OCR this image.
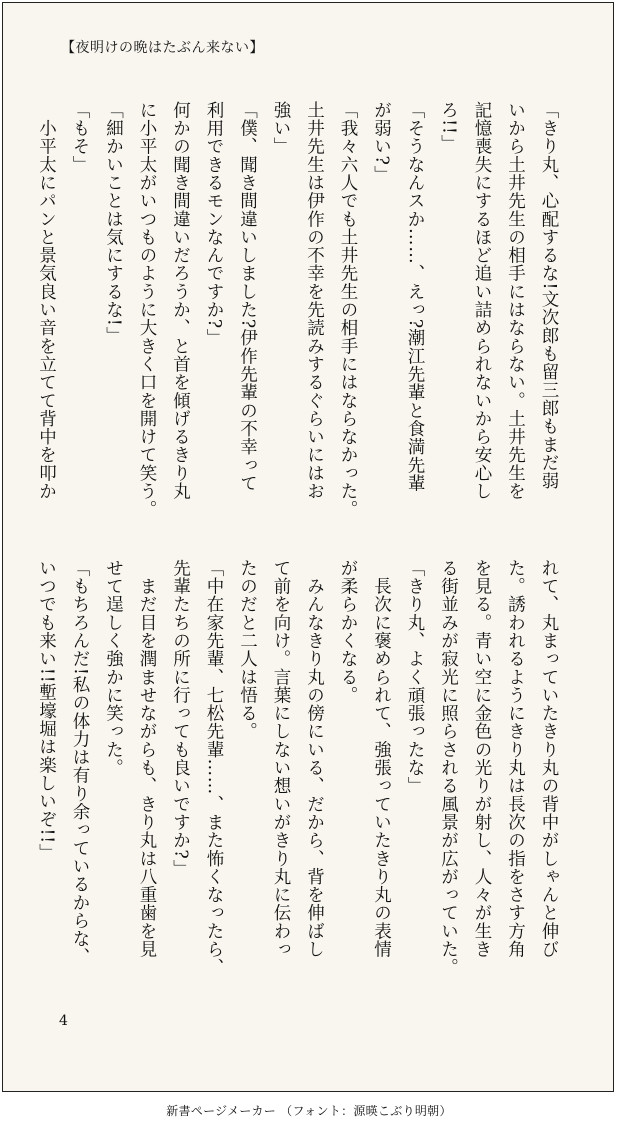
【夜明けの晩はたぶん来ない】
「きり丸、心配するな!文次郎も留三郎もまだ弱
いから土井先生の相手にはならない。土井先生を
記憶喪失にするほど追い詰められないから安心し
ろ!!」
「そうなんスか……、えっ?潮江先輩と食満先輩
が弱い?」
「我々六人でも土井先生の相手にはならなかった。
土井先生は伊作の不幸を先読みするぐらいにはお
強い」
「僕、聞き間違いしました?伊作先輩の不幸って
利用できるモンなんですか?」
何かの聞き間違いだろうか、と首を傾げるきり丸
に小平太がいつものように大きく口を開けて笑う。
「細かいことは気にするな!」
「もそ」
　小平太にパンと景気良い音を立てて背中を叩か
れて、丸まっていたきり丸の背中がしゃんと伸び
た。誘われるようにきり丸は長次の指をさす方角
を見る。青い空に金色の光りが射し、人々が生き
る街並みが寂光に照らされる風景が広がっていた。
「きり丸、よく頑張ったな」
　長次に褒められて、強張っていたきり丸の表情
が柔らかくなる。
　みんなきり丸の傍にいる、だから、背を伸ばし
て前を向け。言葉にしない想いがきり丸に伝わっ
たのだと二人は悟る。
「中在家先輩、七松先輩……、また怖くなったら、
先輩たちの所に行っても良いですか?」
　まだ目を潤ませながらも、きり丸は八重歯を見
せて逞しく強かに笑った。
「もちろんだ!私の体力は有り余っているからな、
いつでも来い!!塹壕堀は楽しいぞ!!」
4
新書ページメーカー （フォント：源暎こぶり明朝）
